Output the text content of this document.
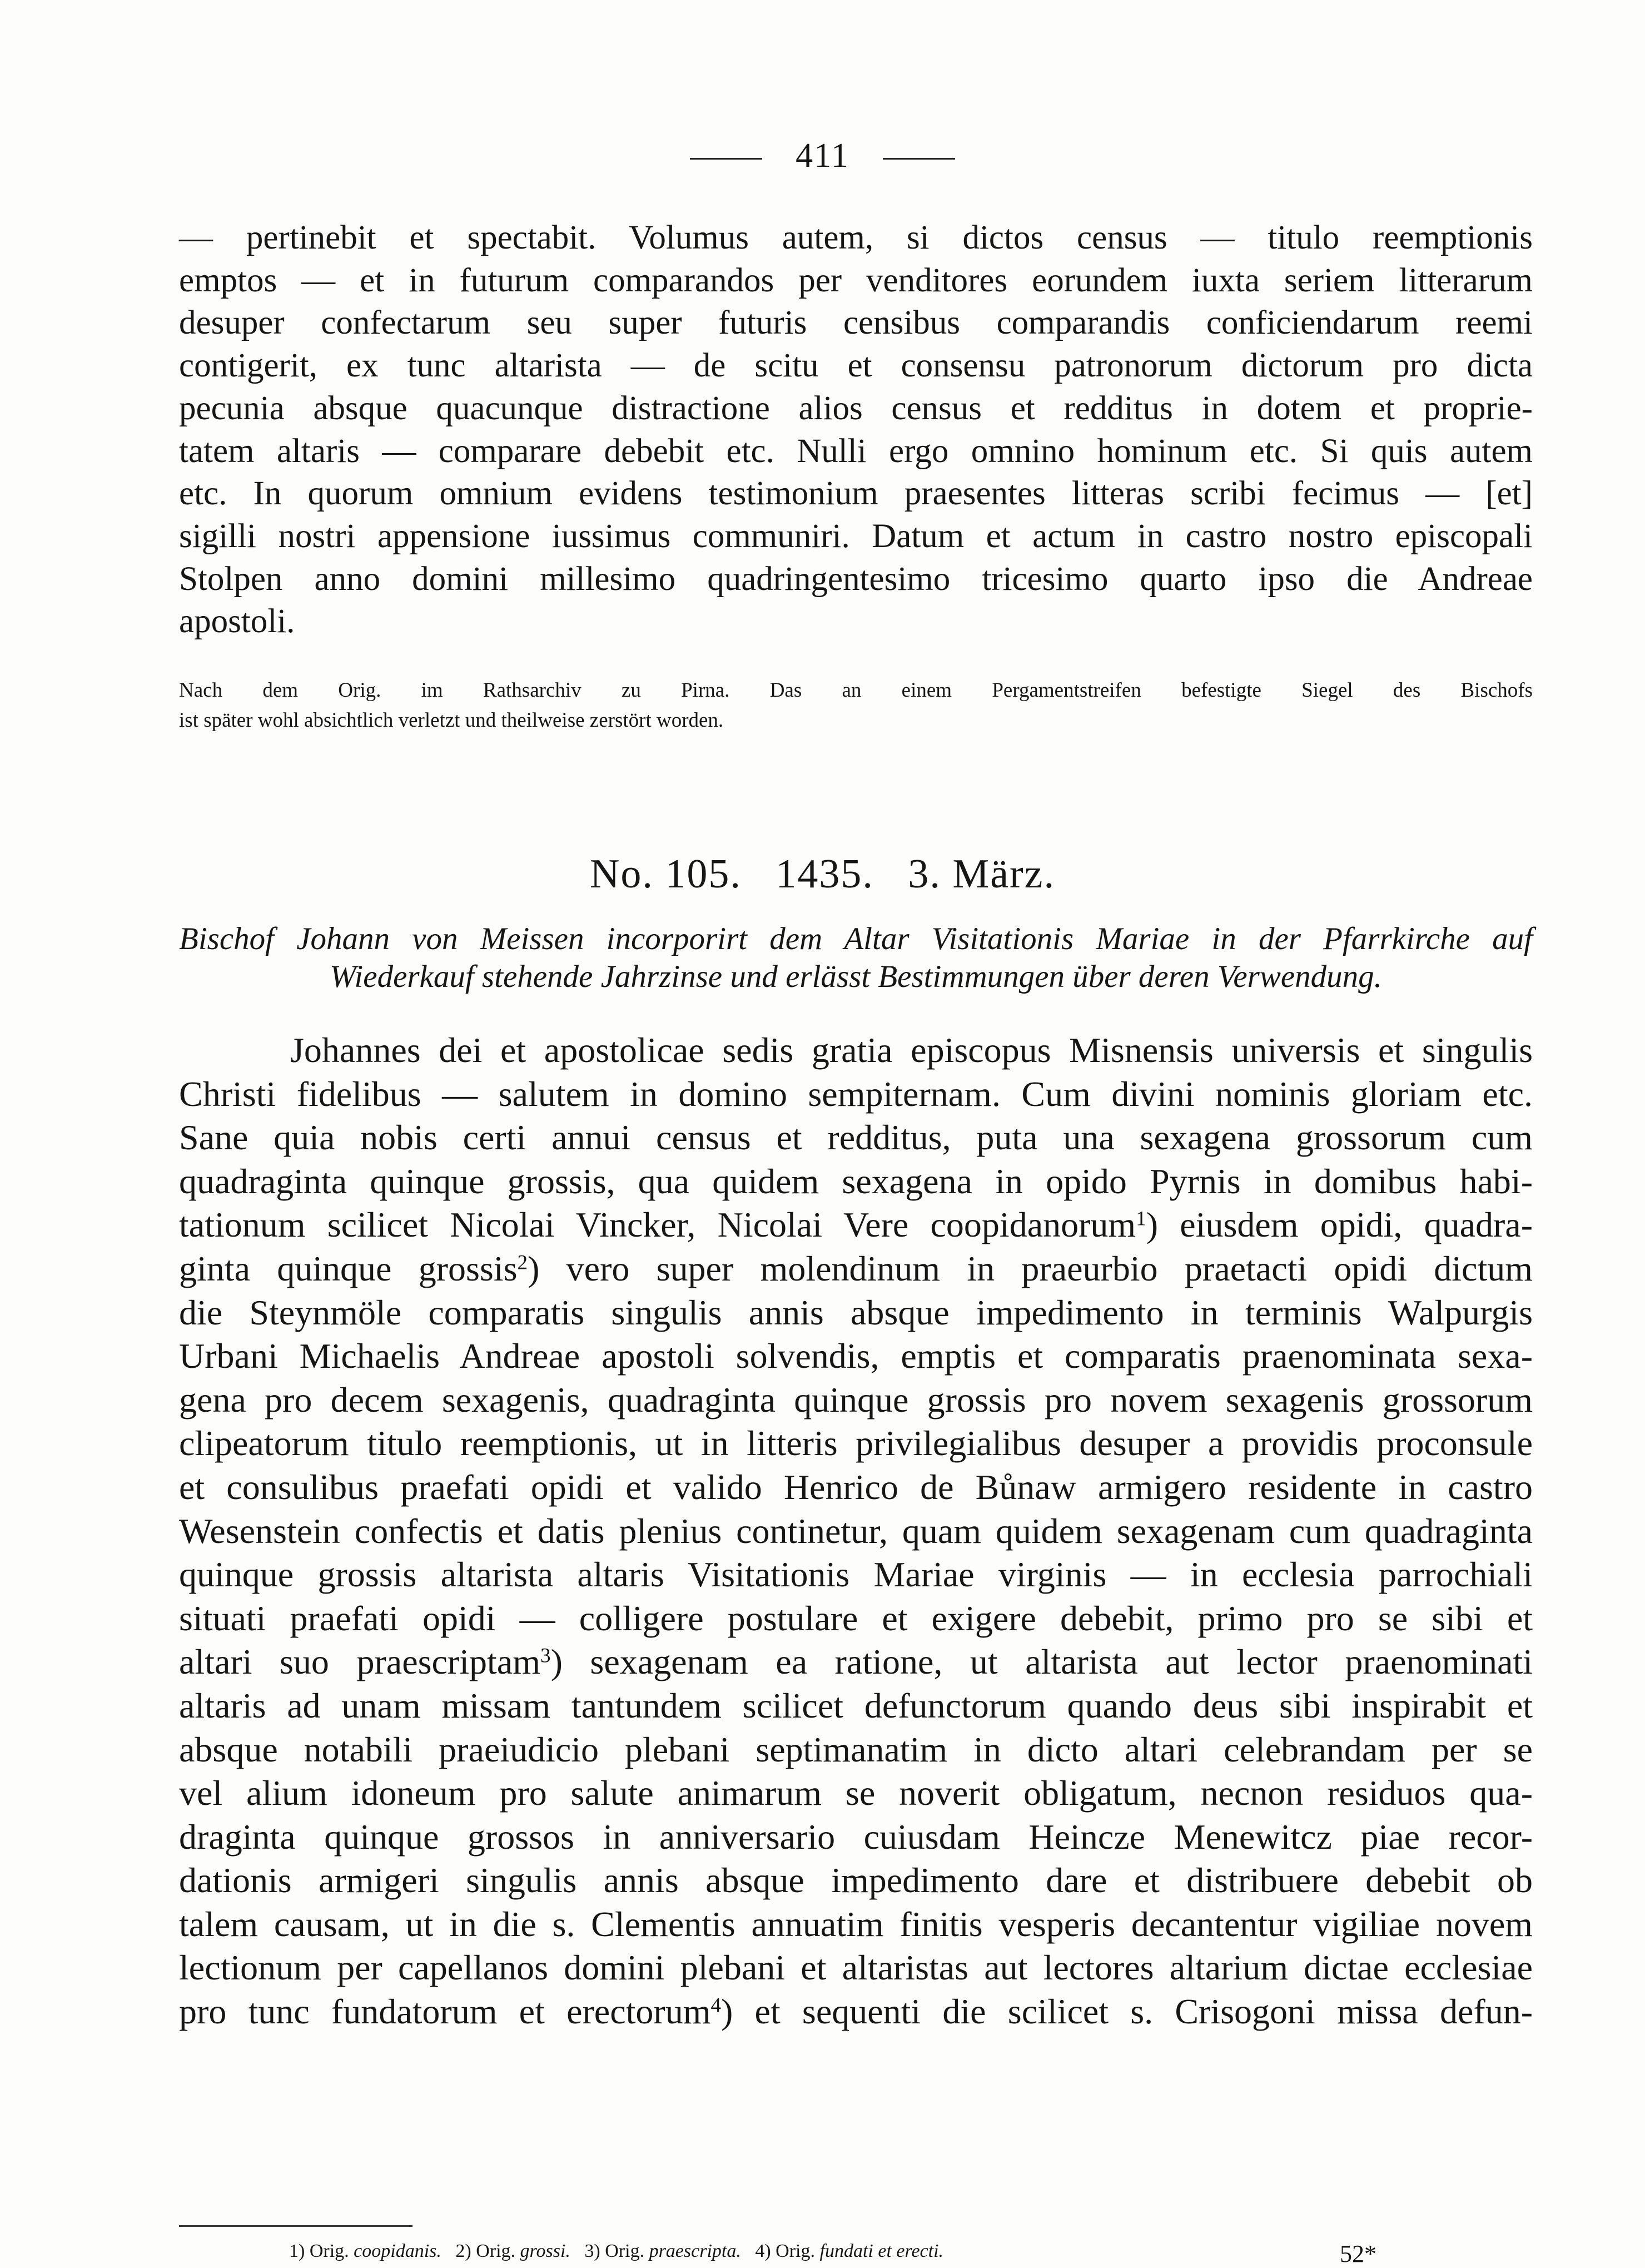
411
— pertinebit et spectabit. Volumus autem, si dictos census — titulo reemptionis
emptos — et in futurum comparandos per venditores eorundem iuxta seriem litterarum
desuper confectarum seu super futuris censibus comparandis conficiendarum reemi
contigerit, ex tunc altarista — de scitu et consensu patronorum dictorum pro dicta
pecunia absque quacunque distractione alios census et redditus in dotem et proprie-
tatem altaris — comparare debebit etc. Nulli ergo omnino hominum etc. Si quis autem
etc. In quorum omnium evidens testimonium praesentes litteras scribi fecimus — [et]
sigilli nostri appensione iussimus communiri. Datum et actum in castro nostro episcopali
Stolpen anno domini millesimo quadringentesimo tricesimo quarto ipso die Andreae
apostoli.
Nach dem Orig. im Rathsarchiv zu Pirna. Das an einem Pergamentstreifen befestigte Siegel des Bischofs
ist später wohl absichtlich verletzt und theilweise zerstört worden.
No. 105.   1435.   3. März.
Bischof Johann von Meissen incorporirt dem Altar Visitationis Mariae in der Pfarrkirche auf
Wiederkauf stehende Jahrzinse und erlässt Bestimmungen über deren Verwendung.
Johannes dei et apostolicae sedis gratia episcopus Misnensis universis et singulis
Christi fidelibus — salutem in domino sempiternam. Cum divini nominis gloriam etc.
Sane quia nobis certi annui census et redditus, puta una sexagena grossorum cum
quadraginta quinque grossis, qua quidem sexagena in opido Pyrnis in domibus habi-
tationum scilicet Nicolai Vincker, Nicolai Vere coopidanorum$^1$) eiusdem opidi, quadra-
ginta quinque grossis$^2$) vero super molendinum in praeurbio praetacti opidi dictum
die Steynmöle comparatis singulis annis absque impedimento in terminis Walpurgis
Urbani Michaelis Andreae apostoli solvendis, emptis et comparatis praenominata sexa-
gena pro decem sexagenis, quadraginta quinque grossis pro novem sexagenis grossorum
clipeatorum titulo reemptionis, ut in litteris privilegialibus desuper a providis proconsule
et consulibus praefati opidi et valido Henrico de Bůnaw armigero residente in castro
Wesenstein confectis et datis plenius continetur, quam quidem sexagenam cum quadraginta
quinque grossis altarista altaris Visitationis Mariae virginis — in ecclesia parrochiali
situati praefati opidi — colligere postulare et exigere debebit, primo pro se sibi et
altari suo praescriptam$^3$) sexagenam ea ratione, ut altarista aut lector praenominati
altaris ad unam missam tantundem scilicet defunctorum quando deus sibi inspirabit et
absque notabili praeiudicio plebani septimanatim in dicto altari celebrandam per se
vel alium idoneum pro salute animarum se noverit obligatum, necnon residuos qua-
draginta quinque grossos in anniversario cuiusdam Heincze Menewitcz piae recor-
dationis armigeri singulis annis absque impedimento dare et distribuere debebit ob
talem causam, ut in die s. Clementis annuatim finitis vesperis decantentur vigiliae novem
lectionum per capellanos domini plebani et altaristas aut lectores altarium dictae ecclesiae
pro tunc fundatorum et erectorum$^4$) et sequenti die scilicet s. Crisogoni missa defun-
1) Orig. coopidanis. 2) Orig. grossi. 3) Orig. praescripta. 4) Orig. fundati et erecti.	52*
